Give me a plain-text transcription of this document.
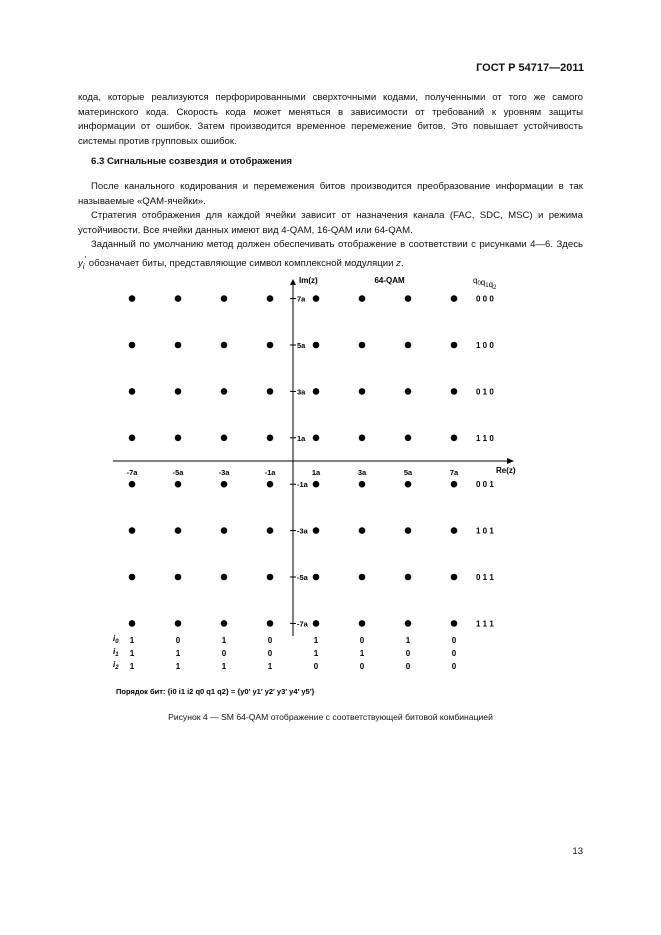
ГОСТ Р 54717—2011

кода, которые реализуются перфорированными сверхточными кодами, полученными от того же самого материнского кода. Скорость кода может меняться в зависимости от требований к уровням защиты информации от ошибок. Затем производится временное перемежение битов. Это повышает устойчивость системы против групповых ошибок.

6.3 Сигнальные созвездия и отображения

После канального кодирования и перемежения битов производится преобразование информации в так называемые «QAM-ячейки».

Стратегия отображения для каждой ячейки зависит от назначения канала (FAC, SDC, MSC) и режима устойчивости. Все ячейки данных имеют вид 4-QAM, 16-QAM или 64-QAM.

Заданный по умолчанию метод должен обеспечивать отображение в соответствии с рисунками 4—6. Здесь $y_i'$ обозначает биты, представляющие символ комплексной модуляции z.

Im(z)
Re(z)
64-QAM	$q_0q_1q_2$
-7a	-5a	-3a	-1a	1a	3a	5a	7a
7a
5a
3a
1a
-1a
-3a
-5a
-7a
0 0 0
1 0 0
0 1 0
1 1 0
0 0 1
1 0 1
0 1 1
1 1 1
$i_0$ 1	0	1	0	1	0	1	0
$i_1$ 1	1	0	0	1	1	0	0
$i_2$ 1	1	1	1	0	0	0	0
Порядок бит: {i0 i1 i2 q0 q1 q2} = {y0′ y1′ y2′ y3′ y4′ y5′}
Рисунок 4 — SM 64-QAM отображение с соответствующей битовой комбинацией
13
